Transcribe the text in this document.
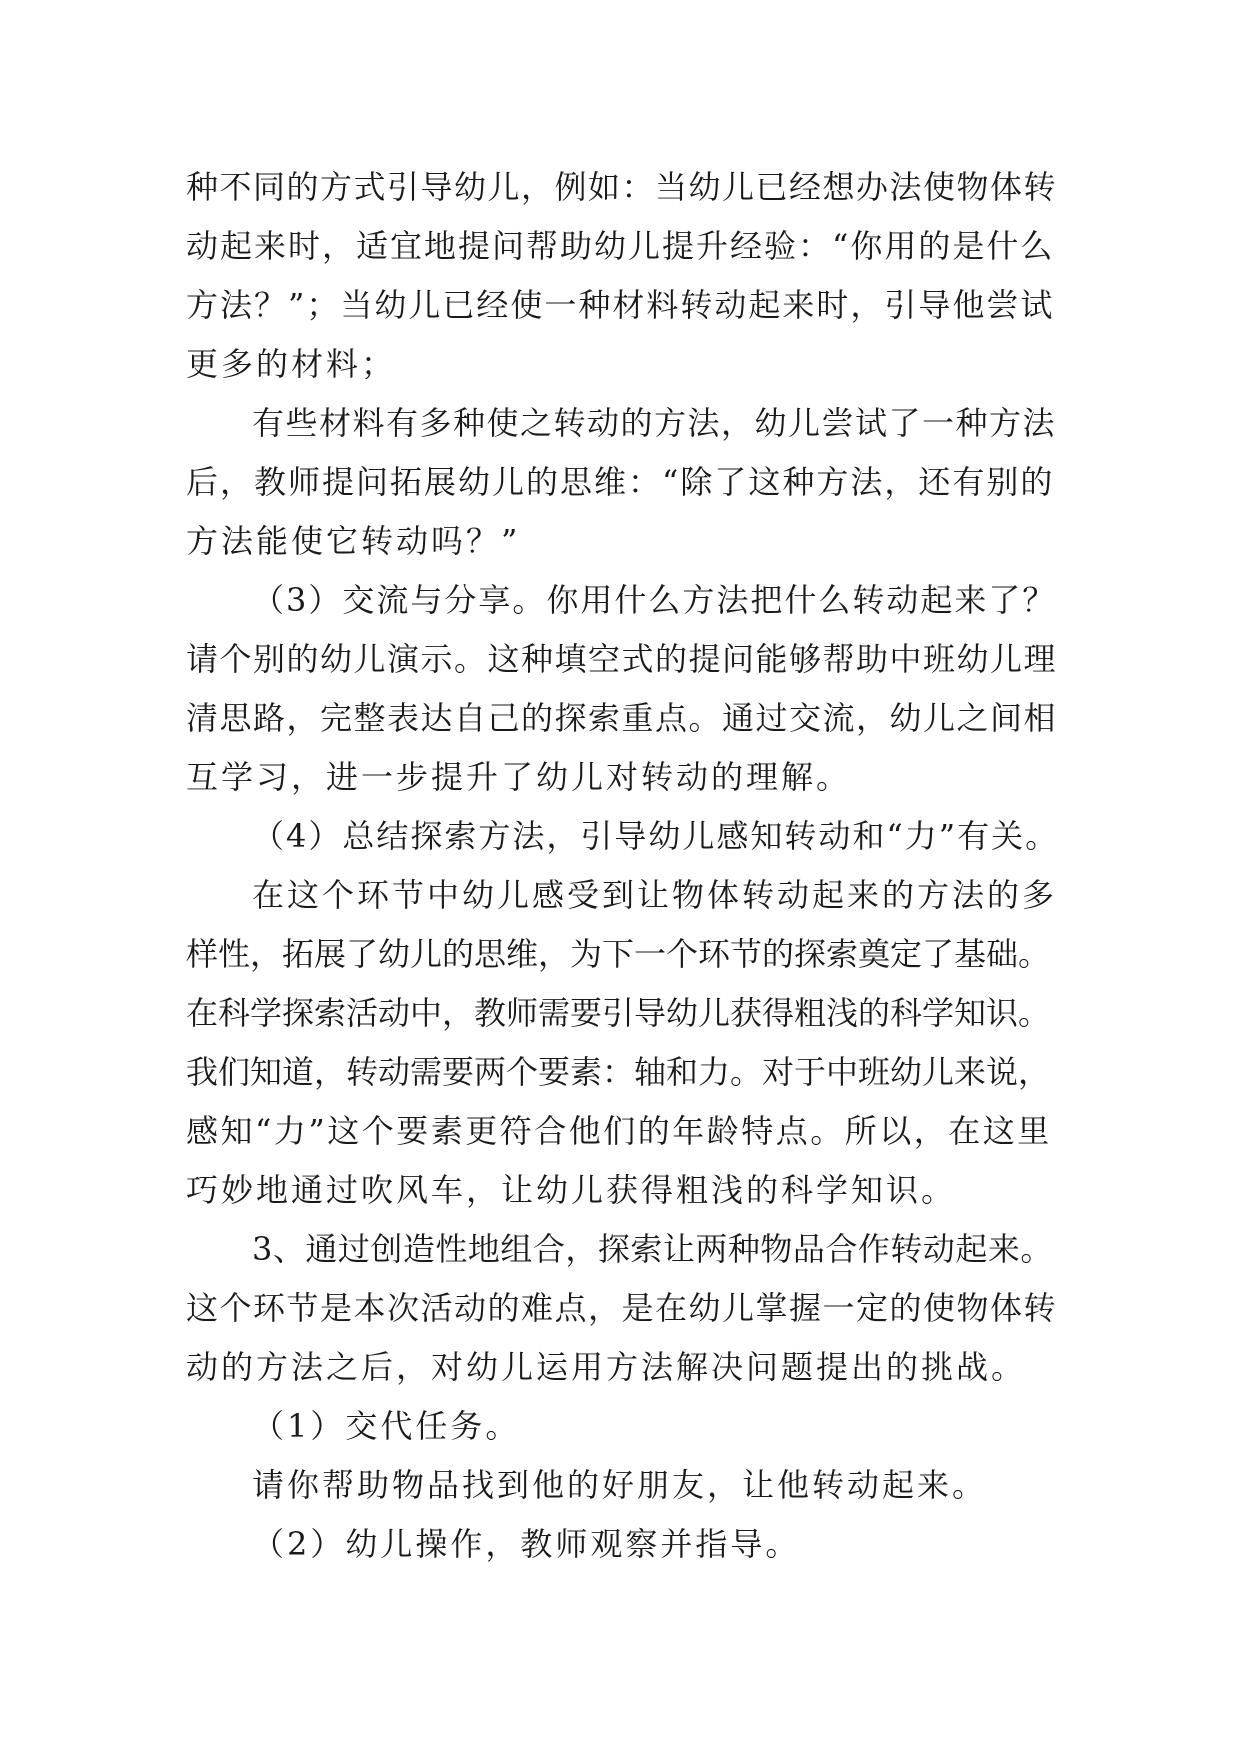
种不同的方式引导幼儿，例如：当幼儿已经想办法使物体转
动起来时，适宜地提问帮助幼儿提升经验：“你用的是什么
方法？”；当幼儿已经使一种材料转动起来时，引导他尝试
更多的材料；
有些材料有多种使之转动的方法，幼儿尝试了一种方法
后，教师提问拓展幼儿的思维：“除了这种方法，还有别的
方法能使它转动吗？”
（3）交流与分享。你用什么方法把什么转动起来了？
请个别的幼儿演示。这种填空式的提问能够帮助中班幼儿理
清思路，完整表达自己的探索重点。通过交流，幼儿之间相
互学习，进一步提升了幼儿对转动的理解。
（4）总结探索方法，引导幼儿感知转动和“力”有关。
在这个环节中幼儿感受到让物体转动起来的方法的多
样性，拓展了幼儿的思维，为下一个环节的探索奠定了基础。
在科学探索活动中，教师需要引导幼儿获得粗浅的科学知识。
我们知道，转动需要两个要素：轴和力。对于中班幼儿来说，
感知“力”这个要素更符合他们的年龄特点。所以，在这里
巧妙地通过吹风车，让幼儿获得粗浅的科学知识。
3、通过创造性地组合，探索让两种物品合作转动起来。
这个环节是本次活动的难点，是在幼儿掌握一定的使物体转
动的方法之后，对幼儿运用方法解决问题提出的挑战。
（1）交代任务。
请你帮助物品找到他的好朋友，让他转动起来。
（2）幼儿操作，教师观察并指导。
